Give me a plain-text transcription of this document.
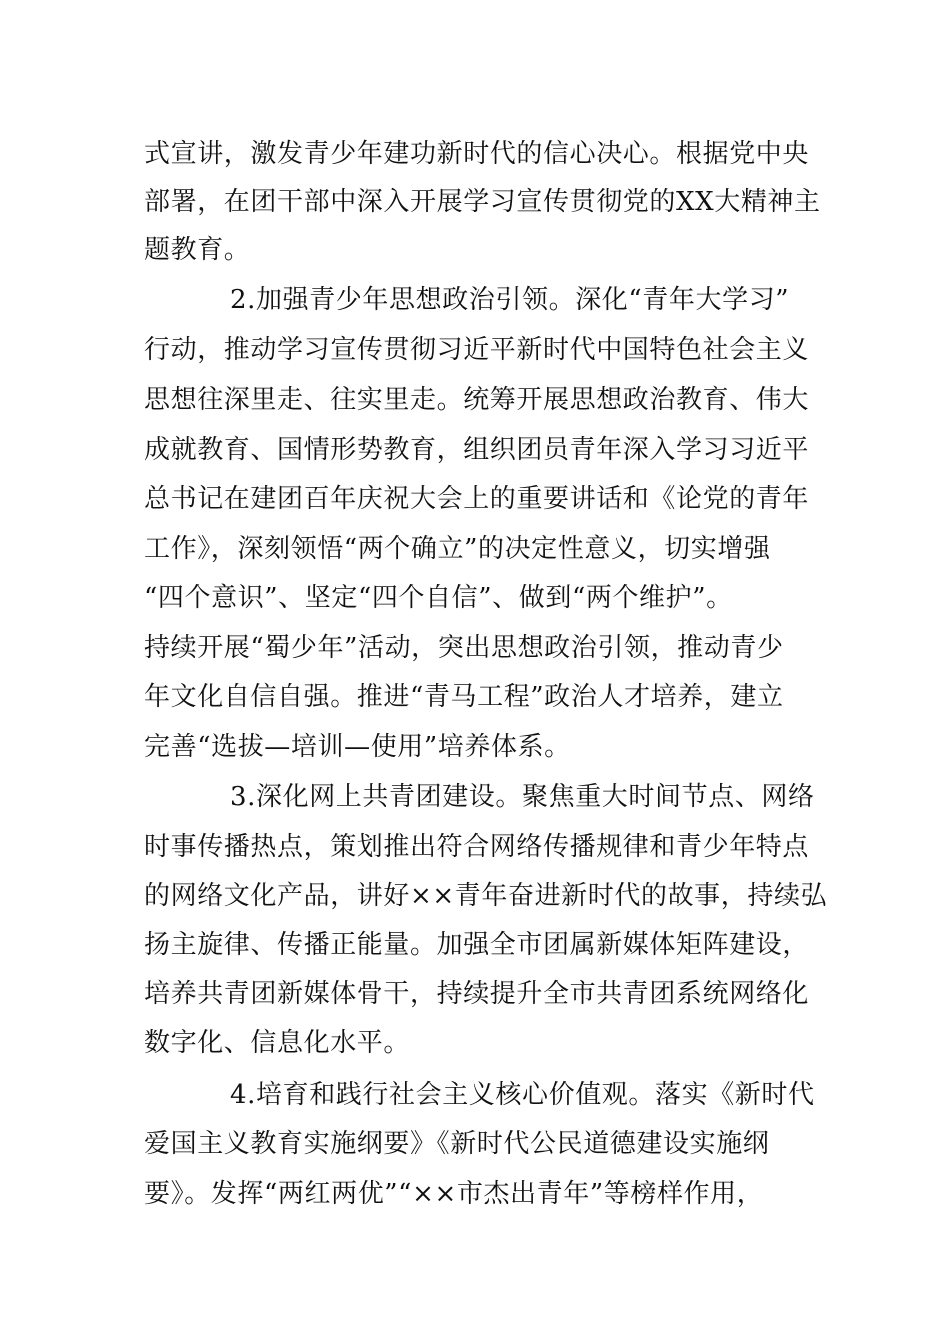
式宣讲，激发青少年建功新时代的信心决心。根据党中央
部署，在团干部中深入开展学习宣传贯彻党的XX大精神主
题教育。
2.加强青少年思想政治引领。深化“青年大学习”
行动，推动学习宣传贯彻习近平新时代中国特色社会主义
思想往深里走、往实里走。统筹开展思想政治教育、伟大
成就教育、国情形势教育，组织团员青年深入学习习近平
总书记在建团百年庆祝大会上的重要讲话和《论党的青年
工作》，深刻领悟“两个确立”的决定性意义，切实增强
“四个意识”、坚定“四个自信”、做到“两个维护”。
持续开展“蜀少年”活动，突出思想政治引领，推动青少
年文化自信自强。推进“青马工程”政治人才培养，建立
完善“选拔—培训—使用”培养体系。
3.深化网上共青团建设。聚焦重大时间节点、网络
时事传播热点，策划推出符合网络传播规律和青少年特点
的网络文化产品，讲好××青年奋进新时代的故事，持续弘
扬主旋律、传播正能量。加强全市团属新媒体矩阵建设，
培养共青团新媒体骨干，持续提升全市共青团系统网络化
数字化、信息化水平。
4.培育和践行社会主义核心价值观。落实《新时代
爱国主义教育实施纲要》《新时代公民道德建设实施纲
要》。发挥“两红两优”“××市杰出青年”等榜样作用，
